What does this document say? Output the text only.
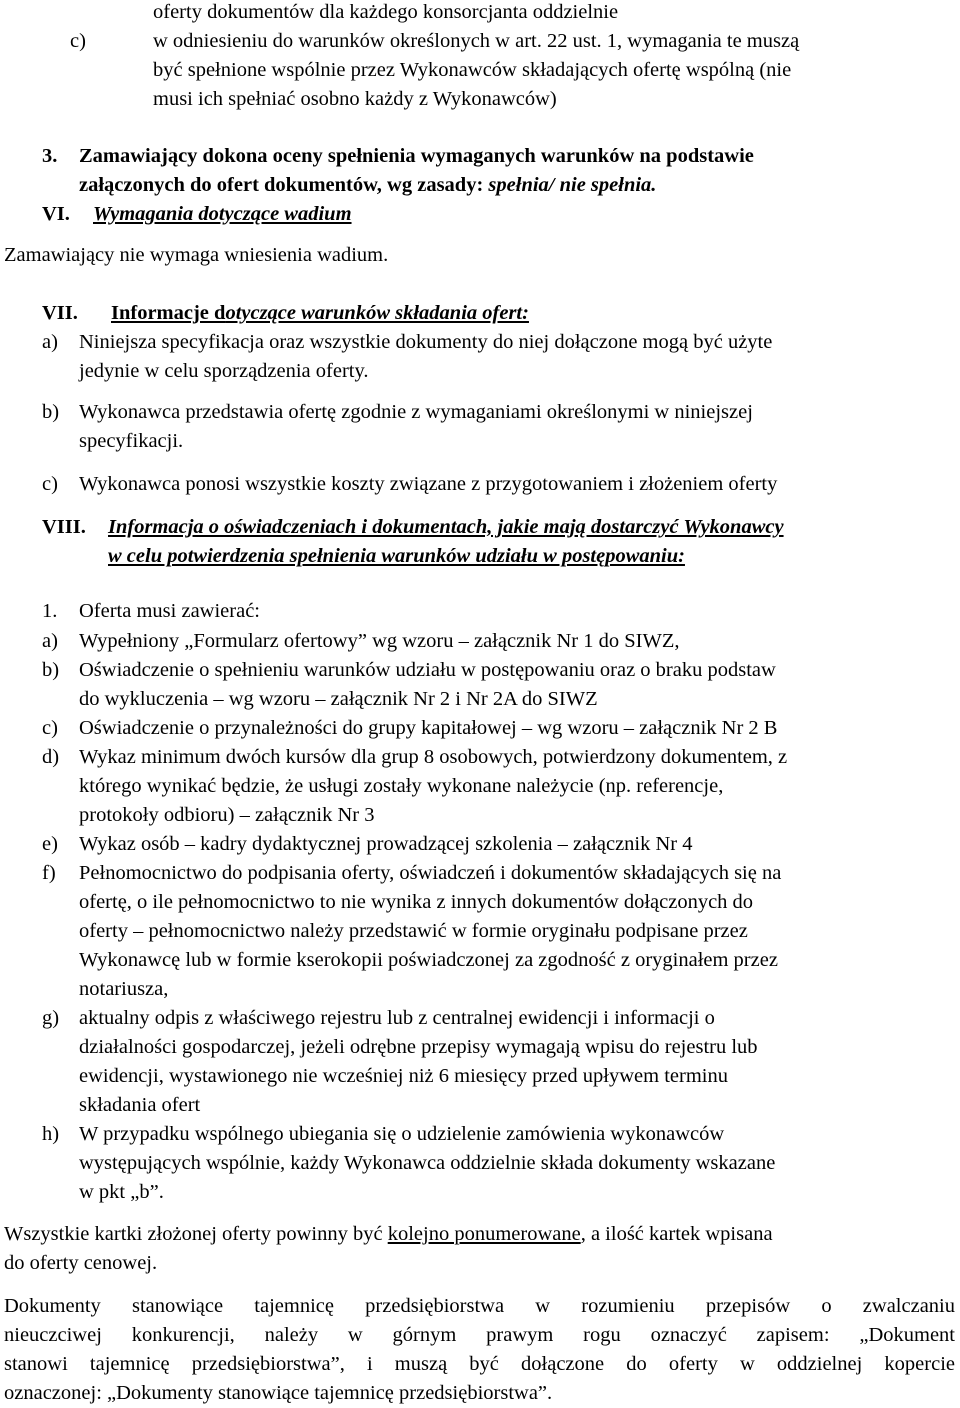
oferty dokumentów dla każdego konsorcjanta oddzielnie
c)	w odniesieniu do warunków określonych w art. 22 ust. 1, wymagania te muszą
być spełnione wspólnie przez Wykonawców składających ofertę wspólną (nie
musi ich spełniać osobno każdy z Wykonawców)
3. Zamawiający dokona oceny spełnienia wymaganych warunków na podstawie
załączonych do ofert dokumentów, wg zasady: spełnia/ nie spełnia.
VI. Wymagania dotyczące wadium
Zamawiający nie wymaga wniesienia wadium.
VII. Informacje dotyczące warunków składania ofert:
a) Niniejsza specyfikacja oraz wszystkie dokumenty do niej dołączone mogą być użyte
jedynie w celu sporządzenia oferty.
b) Wykonawca przedstawia ofertę zgodnie z wymaganiami określonymi w niniejszej
specyfikacji.
c) Wykonawca ponosi wszystkie koszty związane z przygotowaniem i złożeniem oferty
VIII. Informacja o oświadczeniach i dokumentach, jakie mają dostarczyć Wykonawcy
w celu potwierdzenia spełnienia warunków udziału w postępowaniu:
1. Oferta musi zawierać:
a) Wypełniony „Formularz ofertowy” wg wzoru – załącznik Nr 1 do SIWZ,
b) Oświadczenie o spełnieniu warunków udziału w postępowaniu oraz o braku podstaw
do wykluczenia – wg wzoru – załącznik Nr 2 i Nr 2A do SIWZ
c) Oświadczenie o przynależności do grupy kapitałowej – wg wzoru – załącznik Nr 2 B
d) Wykaz minimum dwóch kursów dla grup 8 osobowych, potwierdzony dokumentem, z
którego wynikać będzie, że usługi zostały wykonane należycie (np. referencje,
protokoły odbioru) – załącznik Nr 3
e) Wykaz osób – kadry dydaktycznej prowadzącej szkolenia – załącznik Nr 4
f) Pełnomocnictwo do podpisania oferty, oświadczeń i dokumentów składających się na
ofertę, o ile pełnomocnictwo to nie wynika z innych dokumentów dołączonych do
oferty – pełnomocnictwo należy przedstawić w formie oryginału podpisane przez
Wykonawcę lub w formie kserokopii poświadczonej za zgodność z oryginałem przez
notariusza,
g) aktualny odpis z właściwego rejestru lub z centralnej ewidencji i informacji o
działalności gospodarczej, jeżeli odrębne przepisy wymagają wpisu do rejestru lub
ewidencji, wystawionego nie wcześniej niż 6 miesięcy przed upływem terminu
składania ofert
h) W przypadku wspólnego ubiegania się o udzielenie zamówienia wykonawców
występujących wspólnie, każdy Wykonawca oddzielnie składa dokumenty wskazane
w pkt „b”.
Wszystkie kartki złożonej oferty powinny być kolejno ponumerowane, a ilość kartek wpisana
do oferty cenowej.
Dokumenty stanowiące tajemnicę przedsiębiorstwa w rozumieniu przepisów o zwalczaniu
nieuczciwej konkurencji, należy w górnym prawym rogu oznaczyć zapisem: „Dokument
stanowi tajemnicę przedsiębiorstwa”, i muszą być dołączone do oferty w oddzielnej kopercie
oznaczonej: „Dokumenty stanowiące tajemnicę przedsiębiorstwa”.
